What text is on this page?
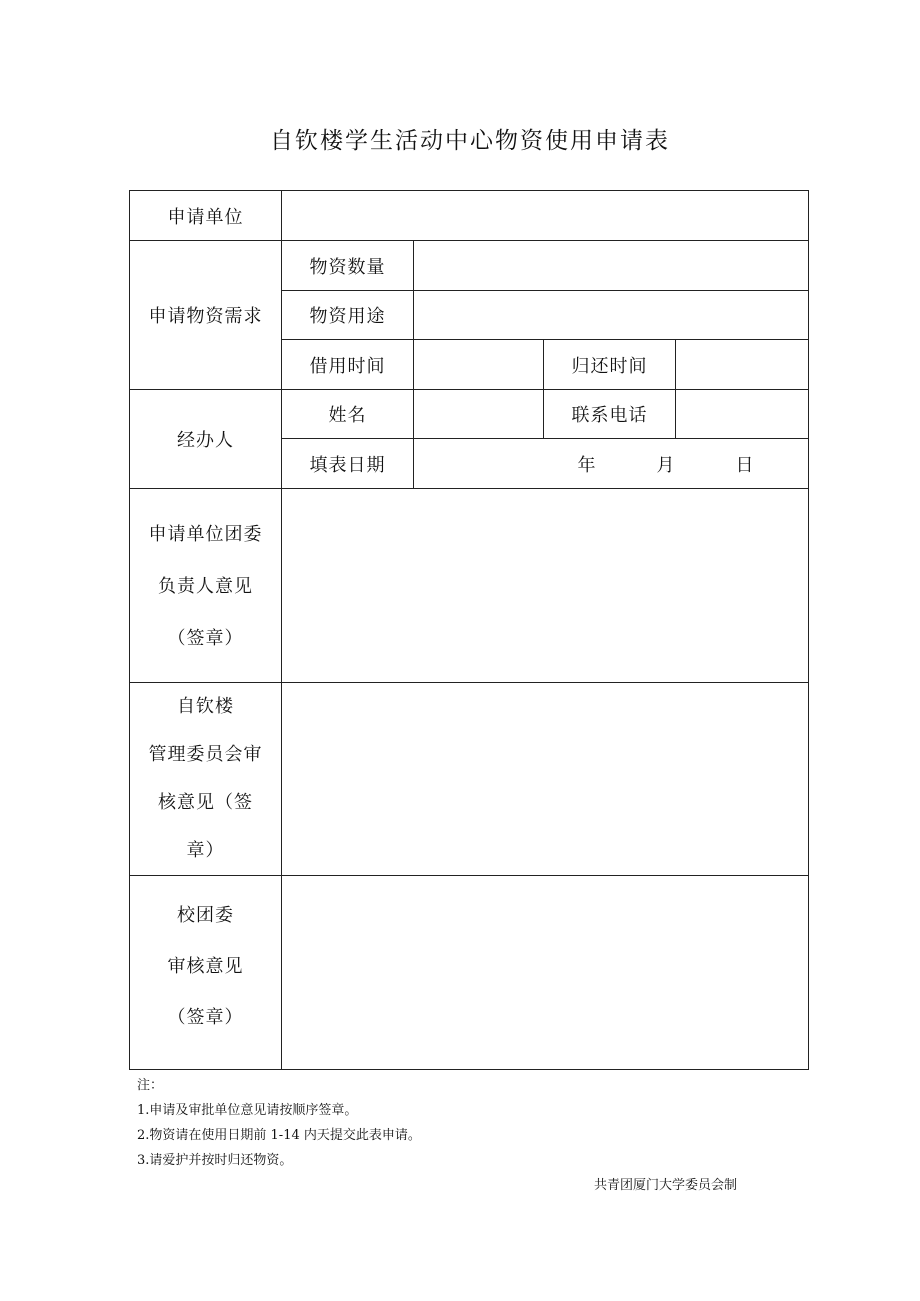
自钦楼学生活动中心物资使用申请表
申请单位				
申请物资需求	物资数量			
	物资用途			
	借用时间		归还时间	
经办人	姓名		联系电话	
	填表日期	年 月 日		

申请单位团委
负责人意见
（签章）				

自钦楼
管理委员会审
核意见（签
章）				

校团委
审核意见
（签章）				

注：
1.申请及审批单位意见请按顺序签章。
2.物资请在使用日期前 1-14 内天提交此表申请。
3.请爱护并按时归还物资。
共青团厦门大学委员会制
